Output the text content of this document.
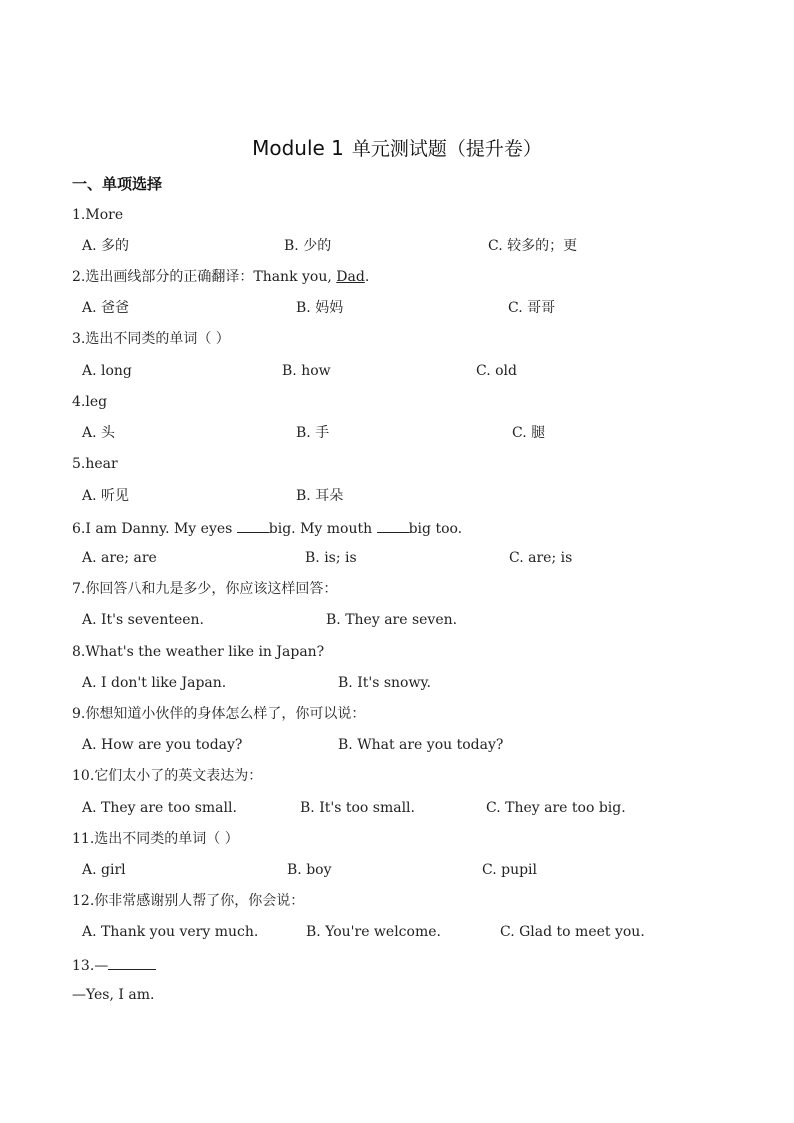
Module 1 单元测试题（提升卷）
一、单项选择
1.More
A. 多的	B. 少的	C. 较多的；更
2.选出画线部分的正确翻译：Thank you, Dad.
A. 爸爸	B. 妈妈	C. 哥哥
3.选出不同类的单词（ ）
A. long	B. how	C. old
4.leg
A. 头	B. 手	C. 腿
5.hear
A. 听见	B. 耳朵
6.I am Danny. My eyes big. My mouth big too.
A. are; are	B. is; is	C. are; is
7.你回答八和九是多少，你应该这样回答：
A. It's seventeen.	B. They are seven.
8.What's the weather like in Japan?
A. I don't like Japan.	B. It's snowy.
9.你想知道小伙伴的身体怎么样了，你可以说：
A. How are you today?	B. What are you today?
10.它们太小了的英文表达为：
A. They are too small.	B. It's too small.	C. They are too big.
11.选出不同类的单词（ ）
A. girl	B. boy	C. pupil
12.你非常感谢别人帮了你，你会说：
A. Thank you very much.	B. You're welcome.	C. Glad to meet you.
13.—
—Yes, I am.
